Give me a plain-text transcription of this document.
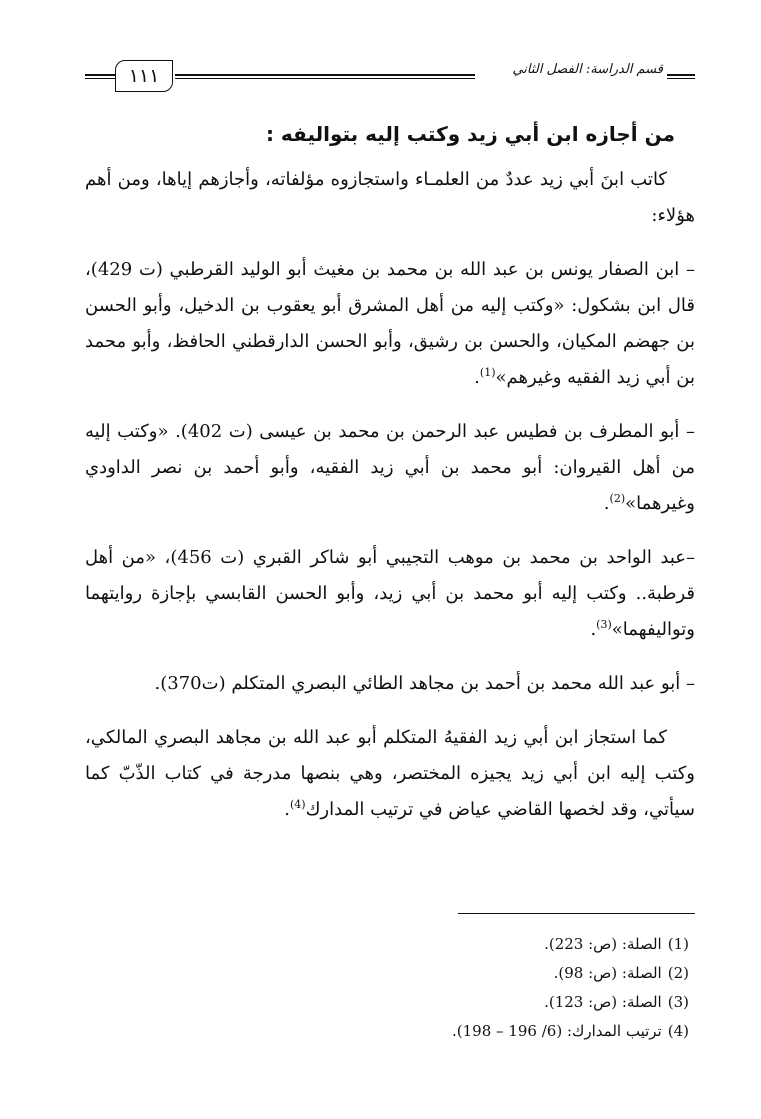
١١١	قسم الدراسة: الفصل الثاني
من أجازه ابن أبي زيد وكتب إليه بتواليفه :

كاتب ابنَ أبي زيد عددٌ من العلمـاء واستجازوه مؤلفاته، وأجازهم إياها، ومن أهم هؤلاء:

– ابن الصفار يونس بن عبد الله بن محمد بن مغيث أبو الوليد القرطبي (ت 429)، قال ابن بشكول: «وكتب إليه من أهل المشرق أبو يعقوب بن الدخيل، وأبو الحسن بن جهضم المكيان، والحسن بن رشيق، وأبو الحسن الدارقطني الحافظ، وأبو محمد بن أبي زيد الفقيه وغيرهم»$^{(1)}$.

– أبو المطرف بن فطيس عبد الرحمن بن محمد بن عيسى (ت 402). «وكتب إليه من أهل القيروان: أبو محمد بن أبي زيد الفقيه، وأبو أحمد بن نصر الداودي وغيرهما»$^{(2)}$.

–عبد الواحد بن محمد بن موهب التجيبي أبو شاكر القبري (ت 456)، «من أهل قرطبة.. وكتب إليه أبو محمد بن أبي زيد، وأبو الحسن القابسي بإجازة روايتهما وتواليفهما»$^{(3)}$.

– أبو عبد الله محمد بن أحمد بن مجاهد الطائي البصري المتكلم (ت370).

كما استجاز ابن أبي زيد الفقيهُ المتكلم أبو عبد الله بن مجاهد البصري المالكي، وكتب إليه ابن أبي زيد يجيزه المختصر، وهي بنصها مدرجة في كتاب الذّبّ كما سيأتي، وقد لخصها القاضي عياض في ترتيب المدارك$^{(4)}$.

(1)الصلة: (ص: 223).
(2)الصلة: (ص: 98).
(3)الصلة: (ص: 123).
(4)ترتيب المدارك: (6/ 196 – 198).
